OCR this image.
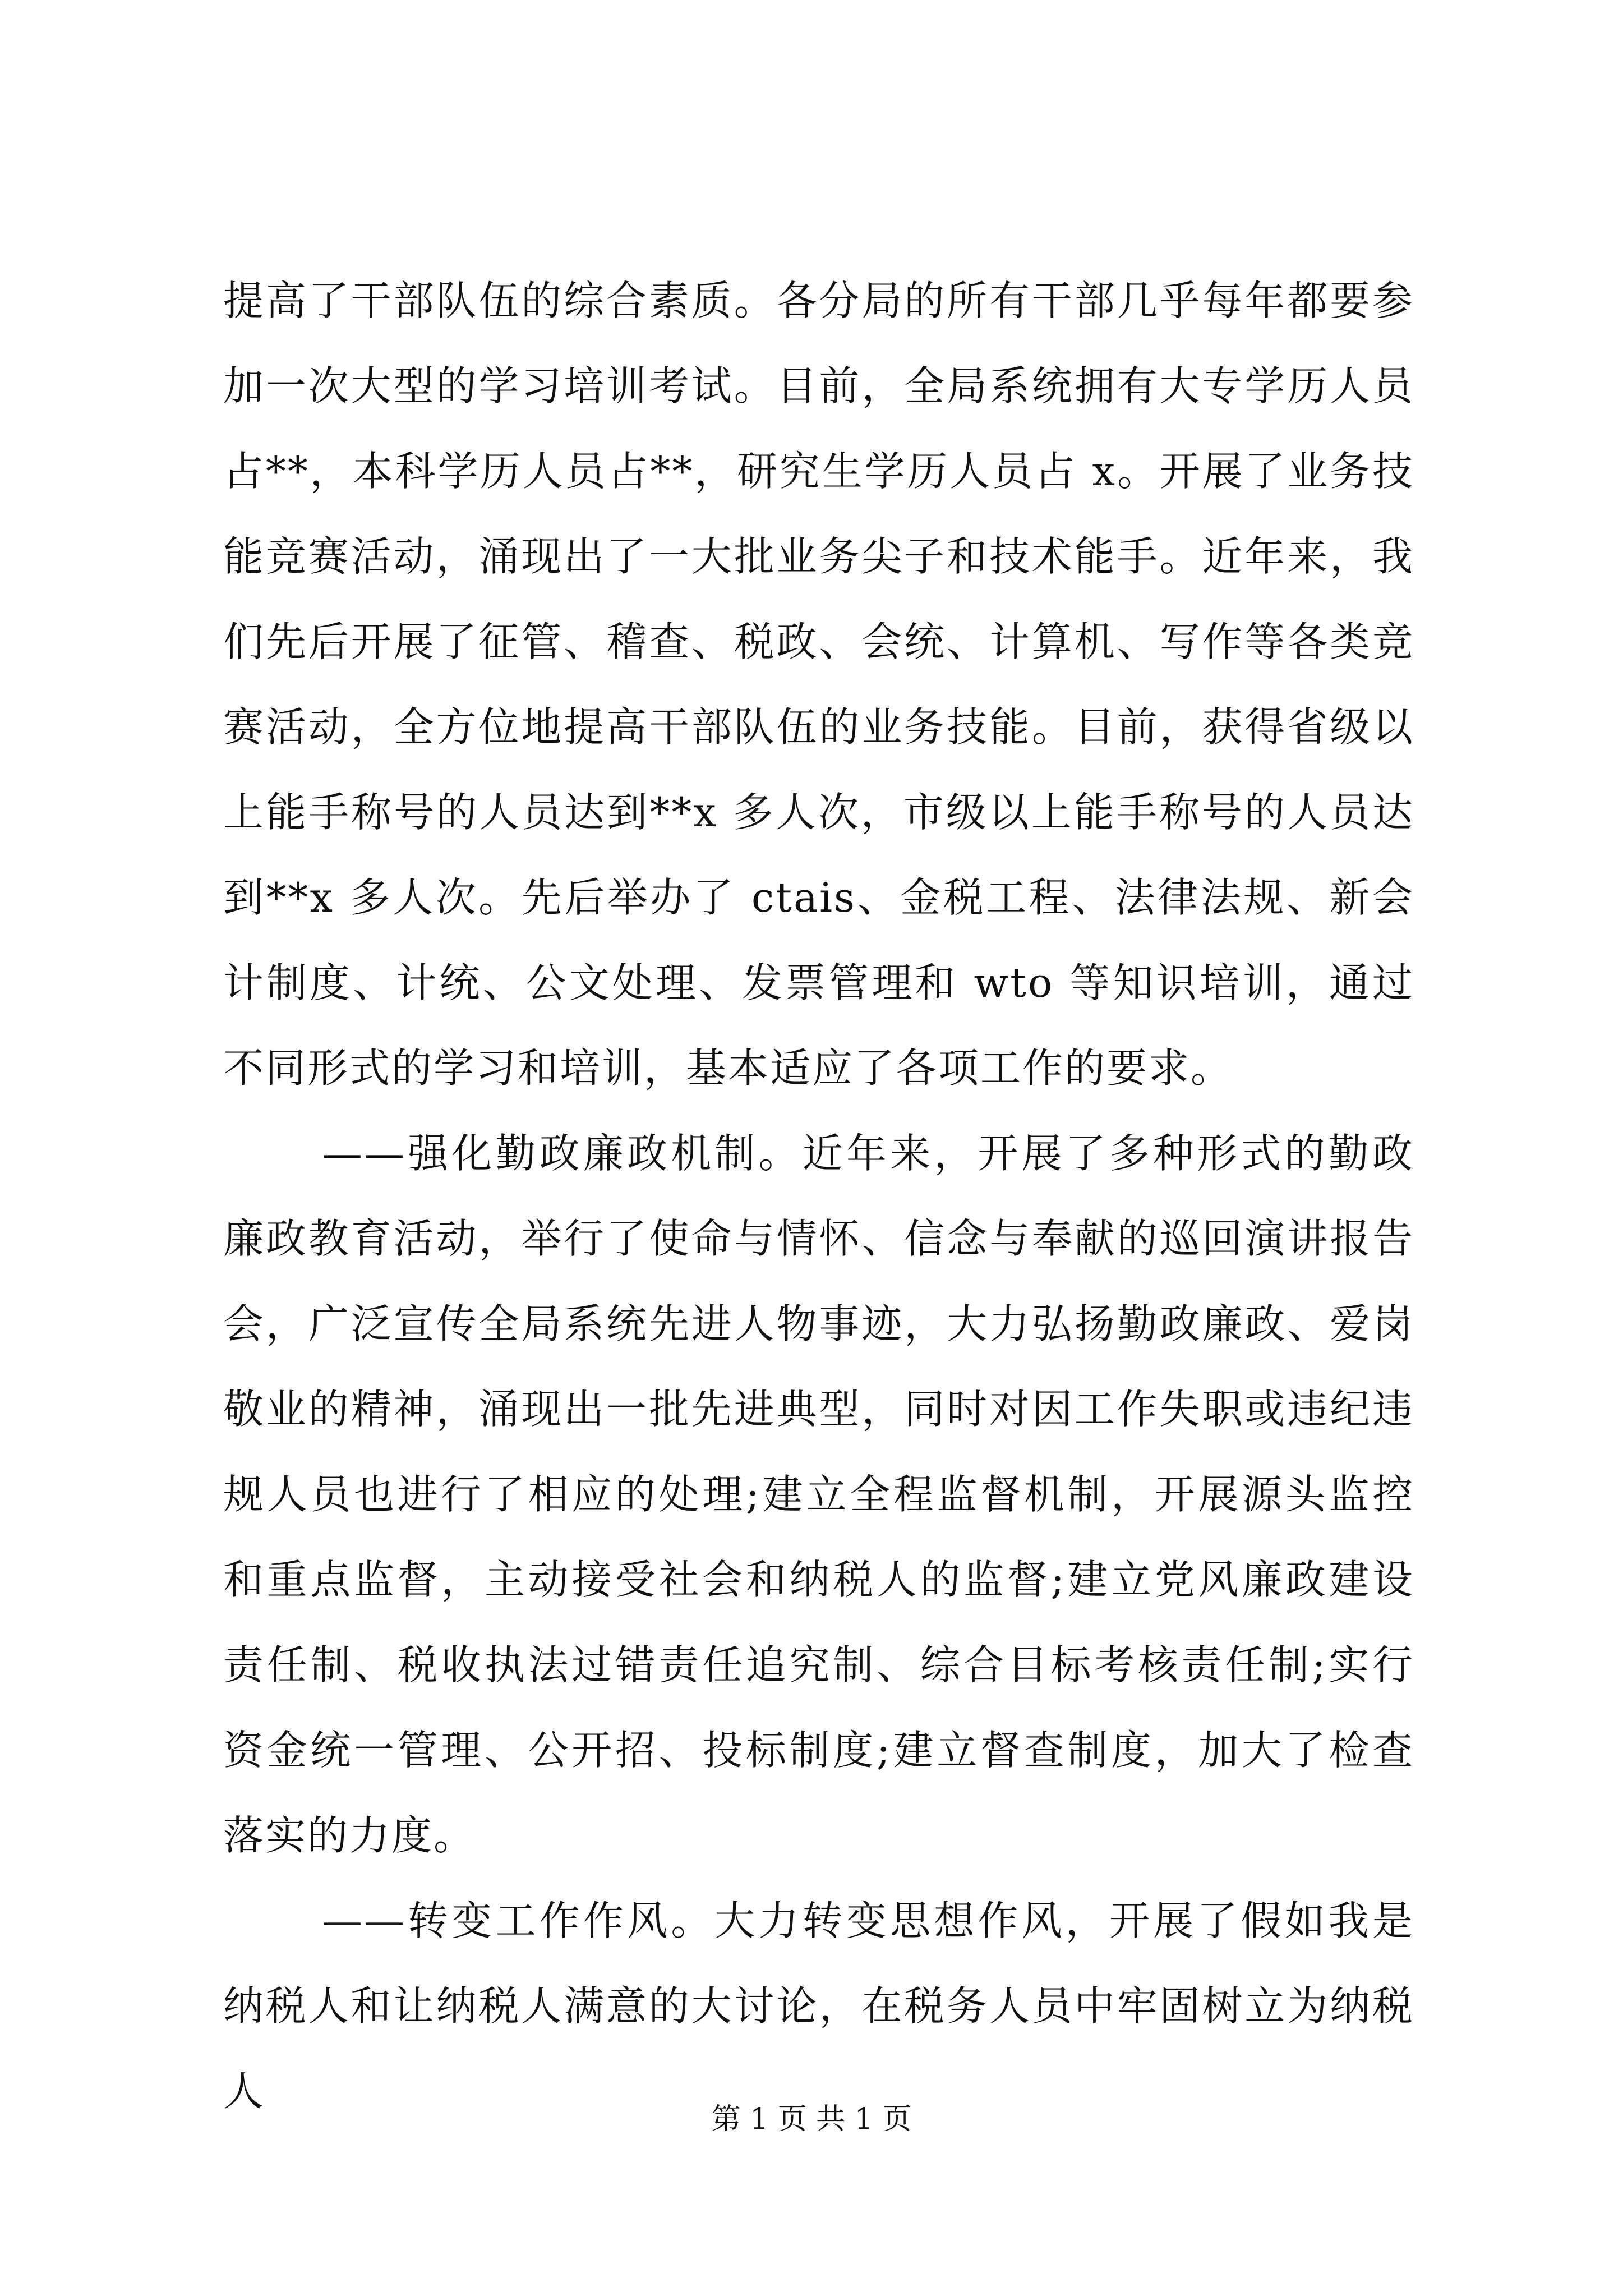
提高了干部队伍的综合素质。各分局的所有干部几乎每年都要参加一次大型的学习培训考试。目前，全局系统拥有大专学历人员占**，本科学历人员占**，研究生学历人员占 x。开展了业务技能竞赛活动，涌现出了一大批业务尖子和技术能手。近年来，我们先后开展了征管、稽查、税政、会统、计算机、写作等各类竞赛活动，全方位地提高干部队伍的业务技能。目前，获得省级以上能手称号的人员达到**x 多人次，市级以上能手称号的人员达到**x 多人次。先后举办了 ctais、金税工程、法律法规、新会计制度、计统、公文处理、发票管理和 wto 等知识培训，通过不同形式的学习和培训，基本适应了各项工作的要求。

——强化勤政廉政机制。近年来，开展了多种形式的勤政廉政教育活动，举行了使命与情怀、信念与奉献的巡回演讲报告会，广泛宣传全局系统先进人物事迹，大力弘扬勤政廉政、爱岗敬业的精神，涌现出一批先进典型，同时对因工作失职或违纪违规人员也进行了相应的处理;建立全程监督机制，开展源头监控和重点监督，主动接受社会和纳税人的监督;建立党风廉政建设责任制、税收执法过错责任追究制、综合目标考核责任制;实行资金统一管理、公开招、投标制度;建立督查制度，加大了检查落实的力度。

——转变工作作风。大力转变思想作风，开展了假如我是纳税人和让纳税人满意的大讨论，在税务人员中牢固树立为纳税人

第 1 页 共 1 页
